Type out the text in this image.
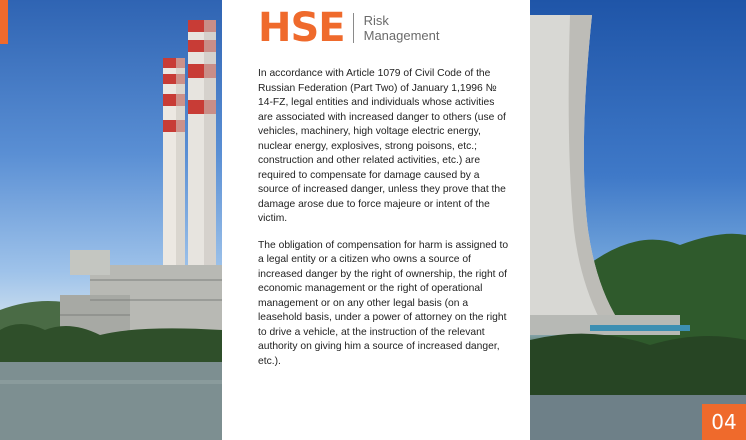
04
HSE Risk
Management

In accordance with Article 1079 of Civil Code of the Russian Federation (Part Two) of January 1,1996 № 14-FZ, legal entities and individuals whose activities are associated with increased danger to others (use of vehicles, machinery, high voltage electric energy, nuclear energy, explosives, strong poisons, etc.; construction and other related activities, etc.) are required to compensate for damage caused by a source of increased danger, unless they prove that the damage arose due to force majeure or intent of the victim.

The obligation of compensation for harm is assigned to a legal entity or a citizen who owns a source of increased danger by the right of ownership, the right of economic management or the right of operational management or on any other legal basis (on a leasehold basis, under a power of attorney on the right to drive a vehicle, at the instruction of the relevant authority on giving him a source of increased danger, etc.).
